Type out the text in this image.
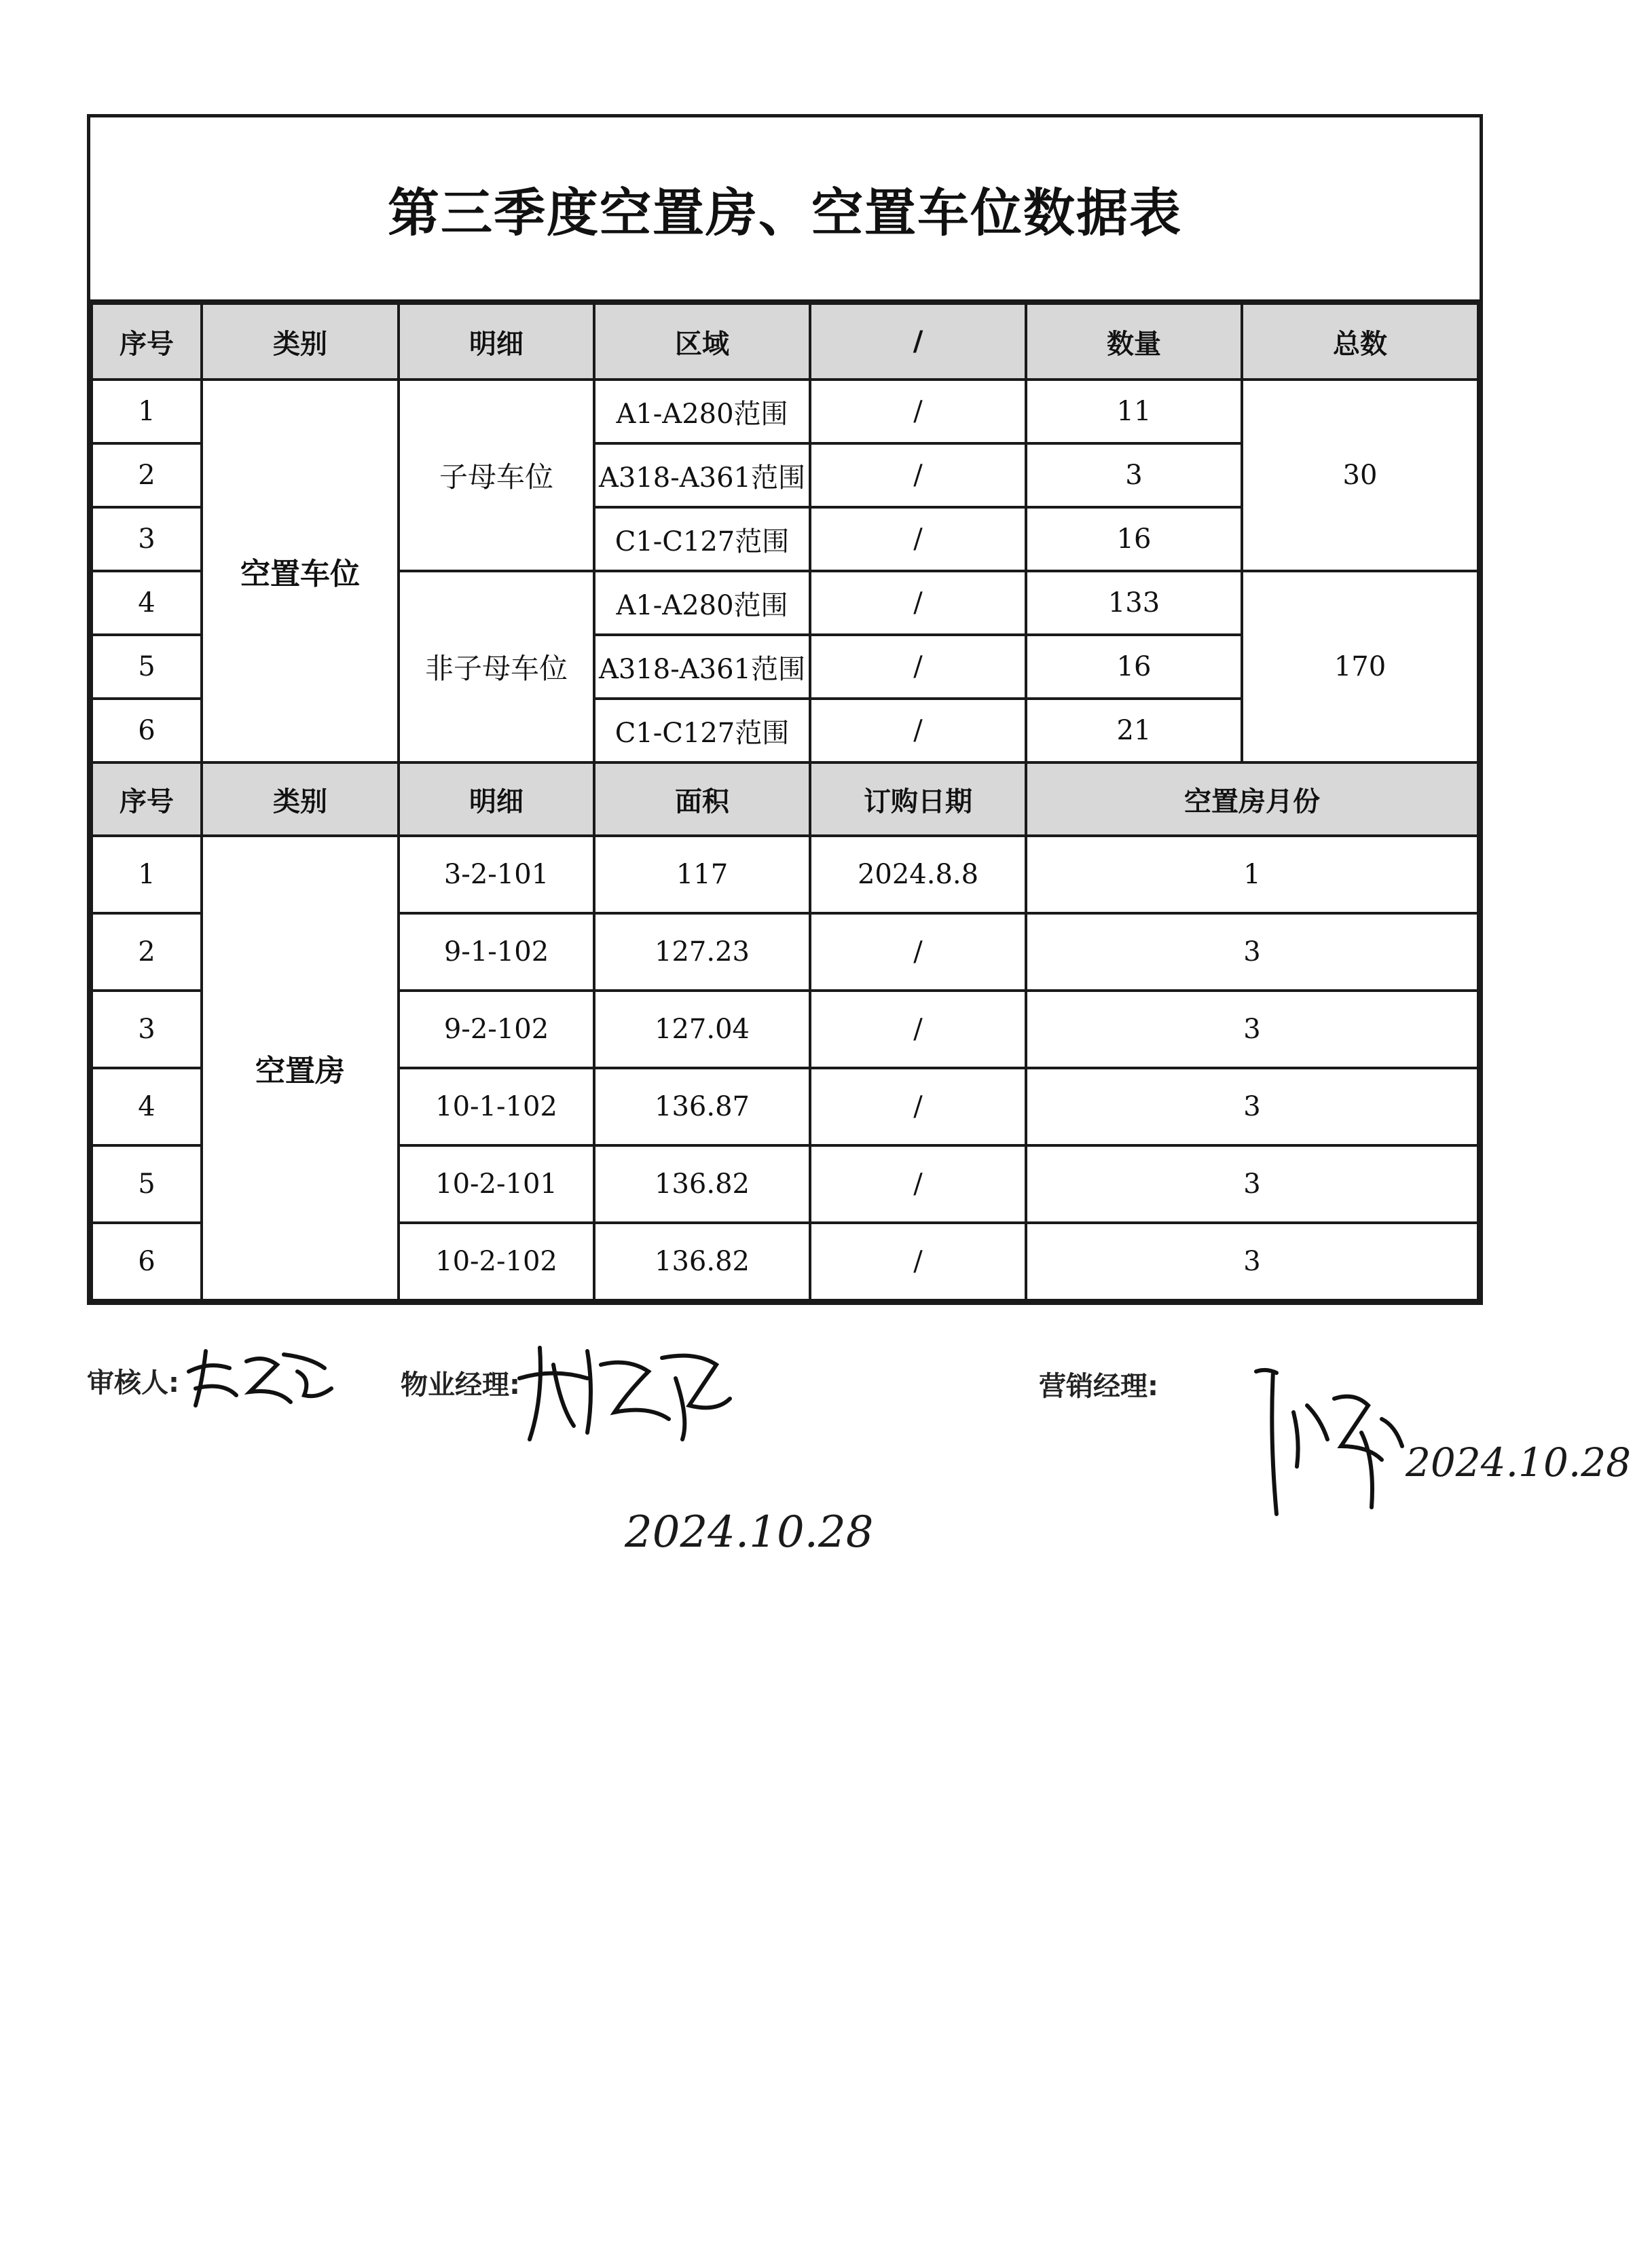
第三季度空置房、空置车位数据表
序号	类别	明细	区域	/	数量	总数
1	空置车位	子母车位	A1-A280范围	/	11	30
2			A318-A361范围	/	3	
3			C1-C127范围	/	16	
4		非子母车位	A1-A280范围	/	133	170
5			A318-A361范围	/	16	
6			C1-C127范围	/	21	
序号	类别	明细	面积	订购日期	空置房月份
1	空置房	3-2-101	117	2024.8.8	1
2		9-1-102	127.23	/	3
3		9-2-102	127.04	/	3
4		10-1-102	136.87	/	3
5		10-2-101	136.82	/	3
6		10-2-102	136.82	/	3
审核人:	物业经理:
2024.10.28
营销经理:
2024.10.28
